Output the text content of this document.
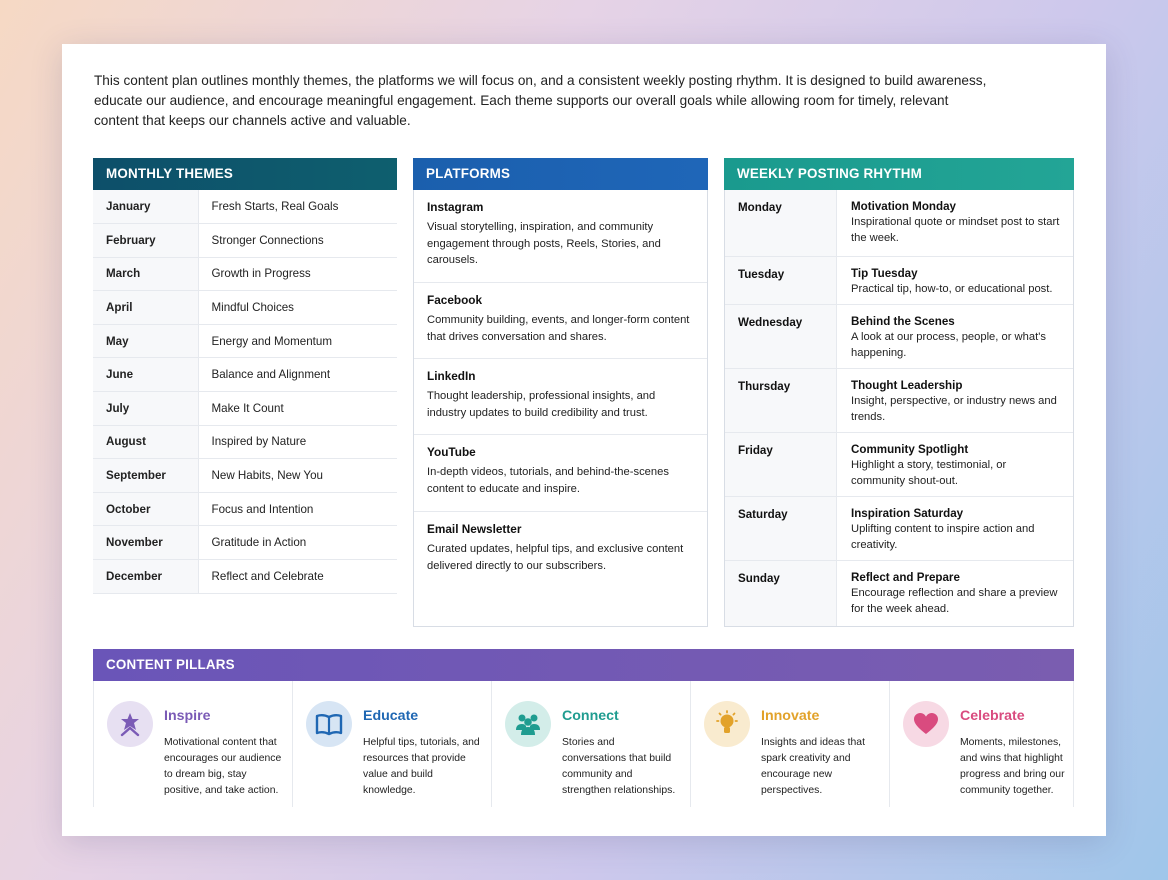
This content plan outlines monthly themes, the platforms we will focus on, and a consistent weekly posting rhythm. It is designed to build awareness, educate our audience, and encourage meaningful engagement. Each theme supports our overall goals while allowing room for timely, relevant content that keeps our channels active and valuable.

MONTHLY THEMES
January	Fresh Starts, Real Goals
February	Stronger Connections
March	Growth in Progress
April	Mindful Choices
May	Energy and Momentum
June	Balance and Alignment
July	Make It Count
August	Inspired by Nature
September	New Habits, New You
October	Focus and Intention
November	Gratitude in Action
December	Reflect and Celebrate
PLATFORMS
Instagram
Visual storytelling, inspiration, and community engagement through posts, Reels, Stories, and carousels.
Facebook
Community building, events, and longer-form content that drives conversation and shares.
LinkedIn
Thought leadership, professional insights, and industry updates to build credibility and trust.
YouTube
In-depth videos, tutorials, and behind-the-scenes content to educate and inspire.
Email Newsletter
Curated updates, helpful tips, and exclusive content delivered directly to our subscribers.
WEEKLY POSTING RHYTHM
Monday	Motivation Monday
Inspirational quote or mindset post to start the week.
Tuesday	Tip Tuesday
Practical tip, how-to, or educational post.
Wednesday	Behind the Scenes
A look at our process, people, or what's happening.
Thursday	Thought Leadership
Insight, perspective, or industry news and trends.
Friday	Community Spotlight
Highlight a story, testimonial, or community shout-out.
Saturday	Inspiration Saturday
Uplifting content to inspire action and creativity.
Sunday	Reflect and Prepare
Encourage reflection and share a preview for the week ahead.
CONTENT PILLARS
Inspire
Motivational content that encourages our audience to dream big, stay positive, and take action.
Educate
Helpful tips, tutorials, and resources that provide value and build knowledge.
Connect
Stories and conversations that build community and strengthen relationships.
Innovate
Insights and ideas that spark creativity and encourage new perspectives.
Celebrate
Moments, milestones, and wins that highlight progress and bring our community together.
